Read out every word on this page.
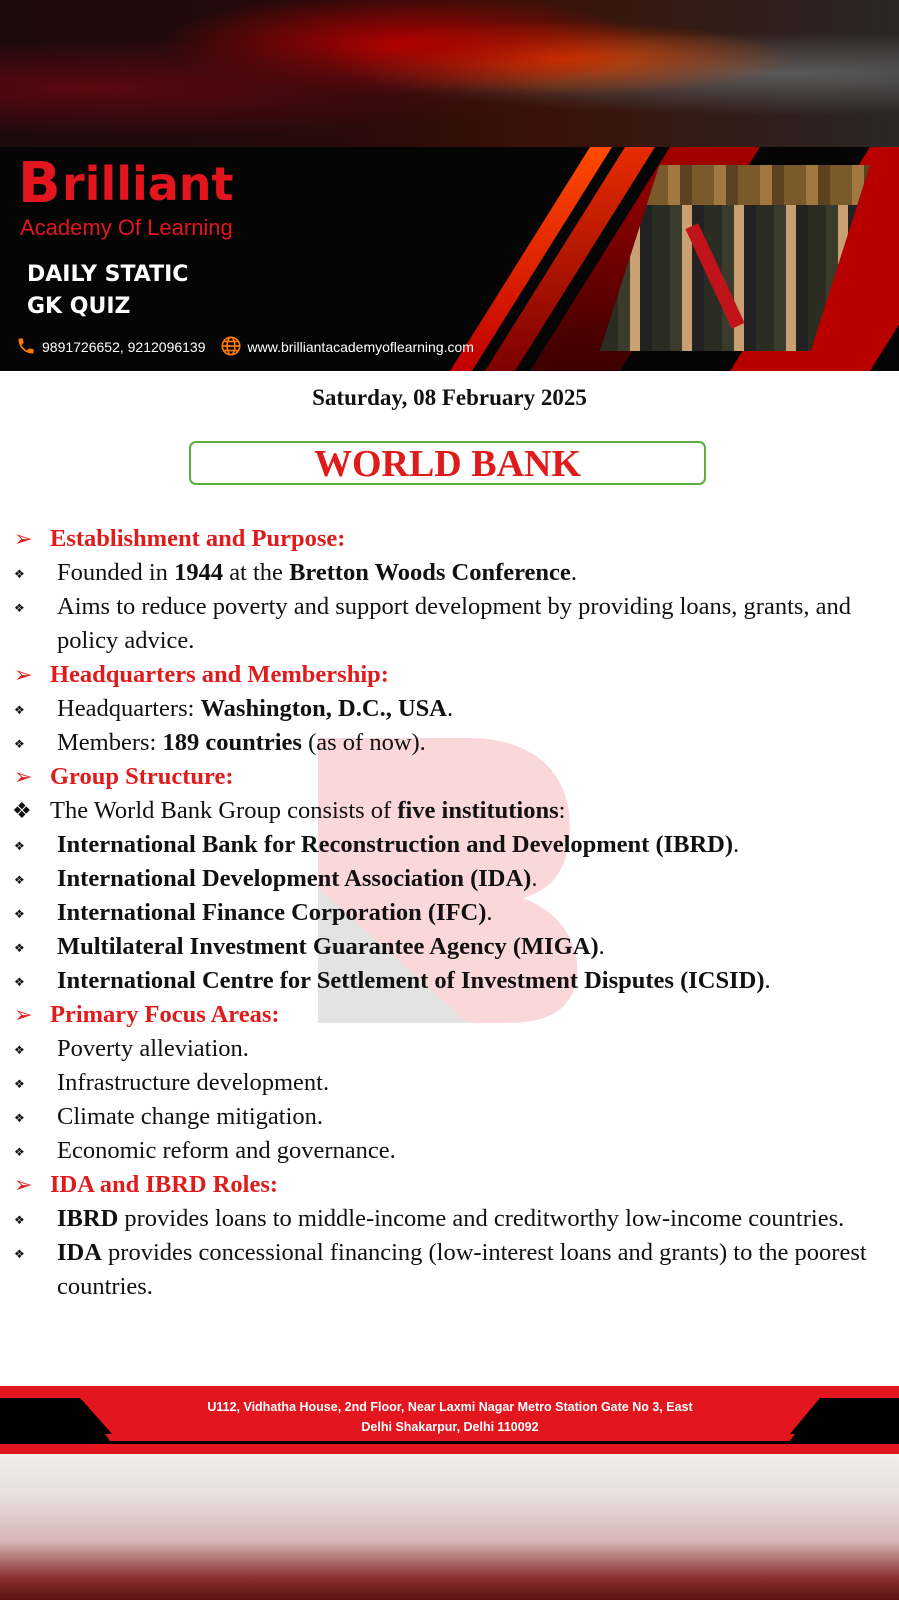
B rilliant
Academy Of Learning
DAILY STATIC
GK QUIZ
9891726652, 9212096139	www.brilliantacademyoflearning.com
Saturday, 08 February 2025
WORLD BANK
➢ Establishment and Purpose:
❖	Founded in 1944 at the Bretton Woods Conference.
❖	Aims to reduce poverty and support development by providing loans, grants, and policy advice.
➢ Headquarters and Membership:
❖	Headquarters: Washington, D.C., USA.
❖	Members: 189 countries (as of now).
➢ Group Structure:
❖ The World Bank Group consists of five institutions:
❖	International Bank for Reconstruction and Development (IBRD).
❖	International Development Association (IDA).
❖	International Finance Corporation (IFC).
❖	Multilateral Investment Guarantee Agency (MIGA).
❖	International Centre for Settlement of Investment Disputes (ICSID).
➢ Primary Focus Areas:
❖	Poverty alleviation.
❖	Infrastructure development.
❖	Climate change mitigation.
❖	Economic reform and governance.
➢ IDA and IBRD Roles:
❖	IBRD provides loans to middle-income and creditworthy low-income countries.
❖	IDA provides concessional financing (low-interest loans and grants) to the poorest countries.
U112, Vidhatha House, 2nd Floor, Near Laxmi Nagar Metro Station Gate No 3, East
Delhi Shakarpur, Delhi 110092
